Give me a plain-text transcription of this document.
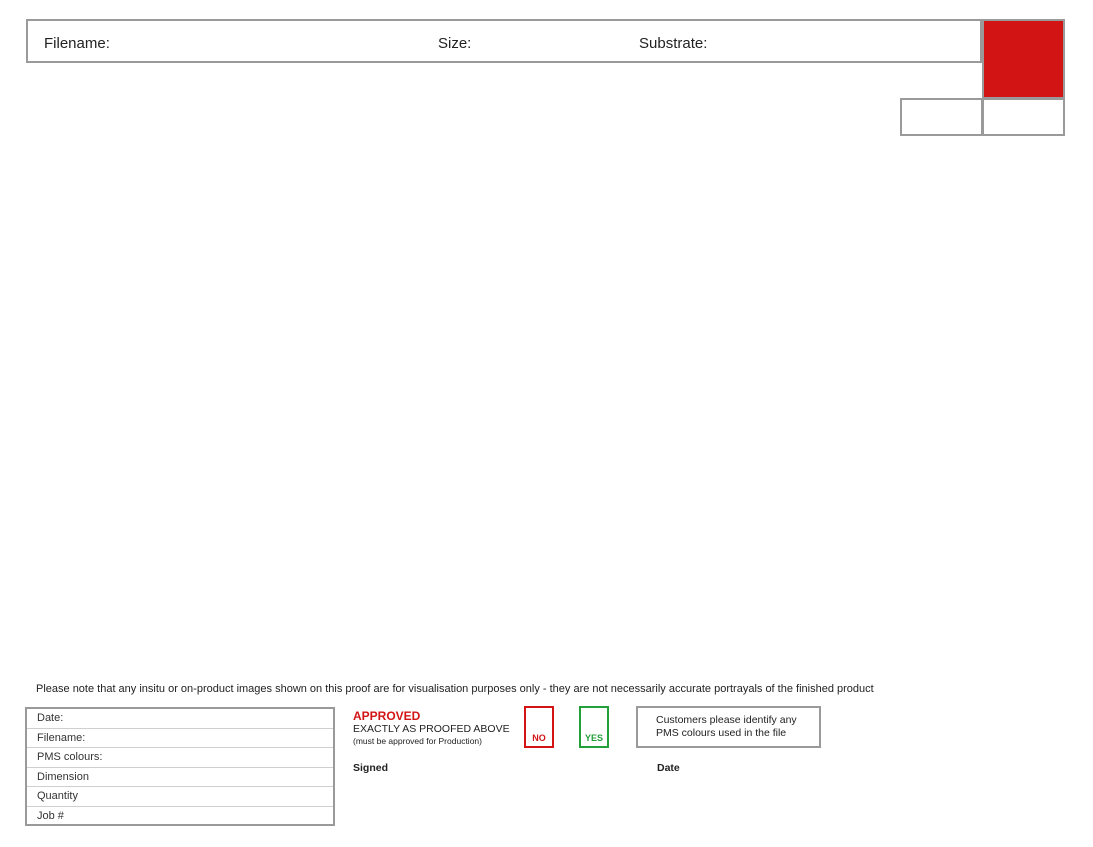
Filename:	Size:	Substrate:
Please note that any insitu or on-product images shown on this proof are for visualisation purposes only - they are not necessarily accurate portrayals of the finished product
Date:
Filename:
PMS colours:
Dimension
Quantity
Job #
APPROVED
EXACTLY AS PROOFED ABOVE
(must be approved for Production)	NO	YES
Customers please identify any
PMS colours used in the file
Signed	Date
